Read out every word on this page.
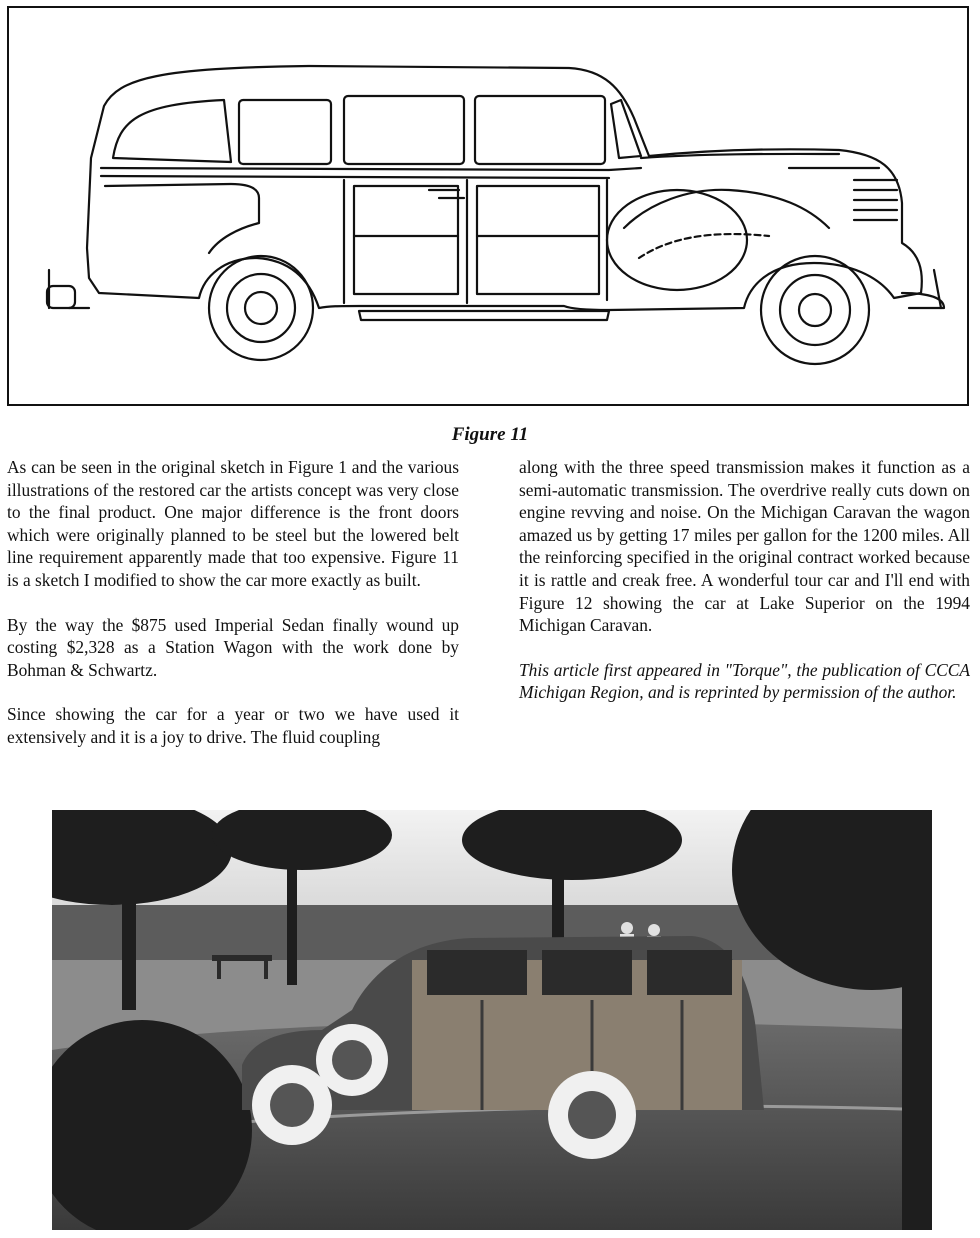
Figure 11

As can be seen in the original sketch in Figure 1 and the various illustrations of the restored car the artists concept was very close to the final product. One major difference is the front doors which were originally planned to be steel but the lowered belt line requirement apparently made that too expensive. Figure 11 is a sketch I modified to show the car more exactly as built.

By the way the $875 used Imperial Sedan finally wound up costing $2,328 as a Station Wagon with the work done by Bohman & Schwartz.

Since showing the car for a year or two we have used it extensively and it is a joy to drive. The fluid coupling

along with the three speed transmission makes it function as a semi-automatic transmission. The overdrive really cuts down on engine revving and noise. On the Michigan Caravan the wagon amazed us by getting 17 miles per gallon for the 1200 miles. All the reinforcing specified in the original contract worked because it is rattle and creak free. A wonderful tour car and I'll end with Figure 12 showing the car at Lake Superior on the 1994 Michigan Caravan.

This article first appeared in "Torque", the publication of CCCA Michigan Region, and is reprinted by permission of the author.
